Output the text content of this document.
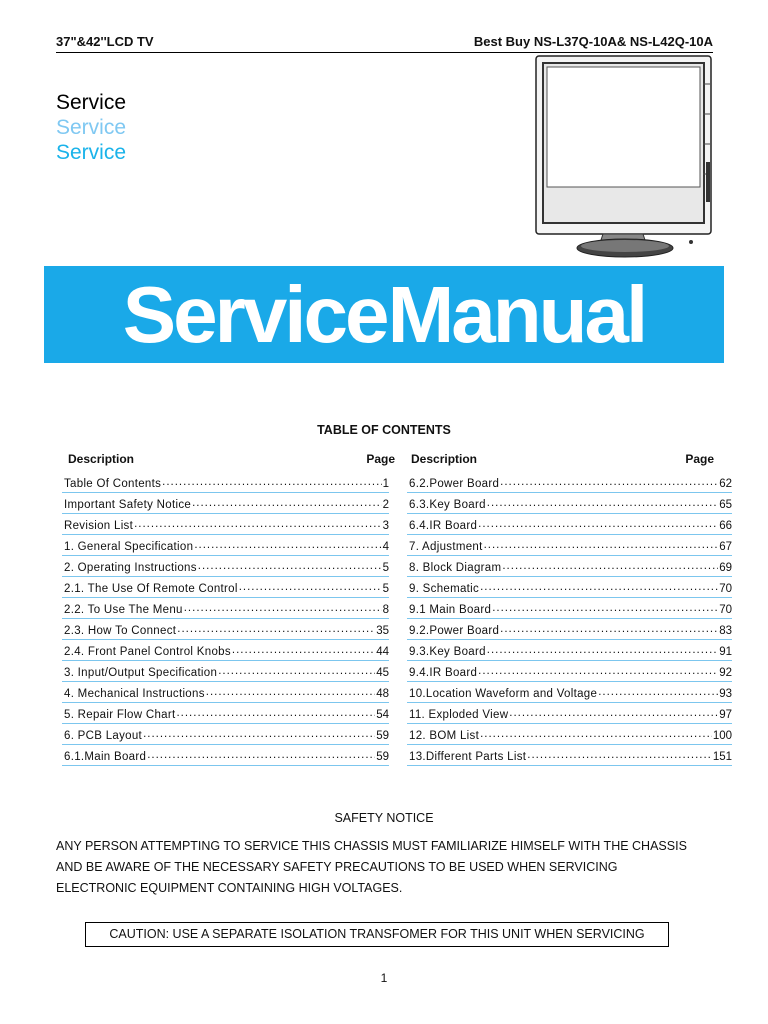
37"&42''LCD TV	Best Buy NS-L37Q-10A& NS-L42Q-10A
Service
Service
Service
Service Manual
TABLE OF CONTENTS
Description	Page
Table Of Contents .....	1
Important Safety Notice .....	2
Revision List .....	3
1. General Specification .....	4
2. Operating Instructions .....	5
2.1. The Use Of Remote Control .....	5
2.2. To Use The Menu .....	8
2.3. How To Connect .....	35
2.4. Front Panel Control Knobs .....	44
3. Input/Output Specification .....	45
4. Mechanical Instructions .....	48
5. Repair Flow Chart .....	54
6. PCB Layout .....	59
6.1.Main Board .....	59
Description	Page
6.2.Power Board .....	62
6.3.Key Board .....	65
6.4.IR Board .....	66
7. Adjustment .....	67
8. Block Diagram .....	69
9. Schematic .....	70
9.1 Main Board .....	70
9.2.Power Board .....	83
9.3.Key Board .....	91
9.4.IR Board .....	92
10.Location Waveform and Voltage .....	93
11. Exploded View .....	97
12. BOM List .....	100
13.Different Parts List .....	151
SAFETY NOTICE
ANY PERSON ATTEMPTING TO SERVICE THIS CHASSIS MUST FAMILIARIZE HIMSELF WITH THE CHASSIS
AND BE AWARE OF THE NECESSARY SAFETY PRECAUTIONS TO BE USED WHEN SERVICING
ELECTRONIC EQUIPMENT CONTAINING HIGH VOLTAGES.
CAUTION: USE A SEPARATE ISOLATION TRANSFOMER FOR THIS UNIT WHEN SERVICING
1
